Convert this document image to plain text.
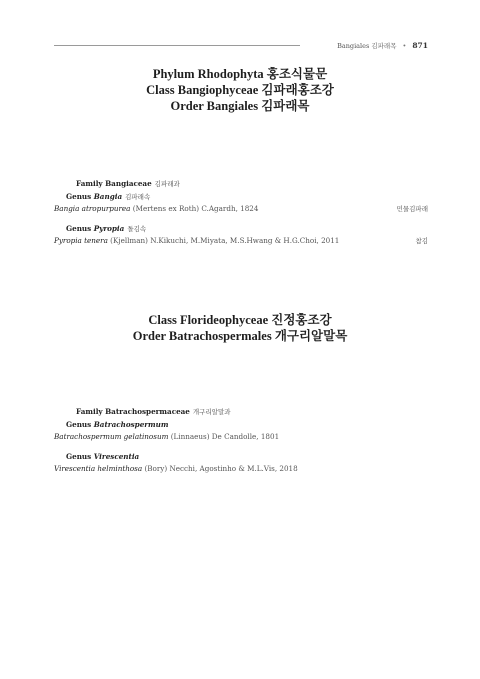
Bangiales 김파래목 • 871
Phylum Rhodophyta 홍조식물문
Class Bangiophyceae 김파래홍조강
Order Bangiales 김파래목
Family Bangiaceae 김파래과
Genus Bangia 김파래속
Bangia atropurpurea (Mertens ex Roth) C.Agardh, 1824	민물김파래
Genus Pyropia 돌김속
Pyropia tenera (Kjellman) N.Kikuchi, M.Miyata, M.S.Hwang & H.G.Choi, 2011	참김
Class Florideophyceae 진정홍조강
Order Batrachospermales 개구리알말목
Family Batrachospermaceae 개구리알말과
Genus Batrachospermum
Batrachospermum gelatinosum (Linnaeus) De Candolle, 1801
Genus Virescentia
Virescentia helminthosa (Bory) Necchi, Agostinho & M.L.Vis, 2018
